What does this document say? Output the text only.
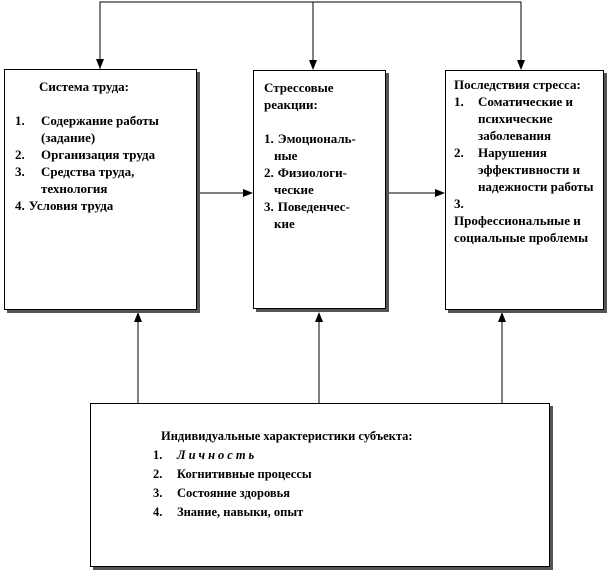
Система труда:
1. Содержание работы (задание)
2. Организация труда
3. Средства труда, технология
4. Условия труда
Стрессовые реакции:
1. Эмоциональ-
ные
2. Физиологи-
ческие
3. Поведенчес-
кие
Последствия стресса:
1. Соматические и психические заболевания
2. Нарушения эффективности и надежности работы
3.
Профессиональные и социальные проблемы
Индивидуальные характеристики субъекта:
1. Личность
2. Когнитивные процессы
3. Состояние здоровья
4. Знание, навыки, опыт
